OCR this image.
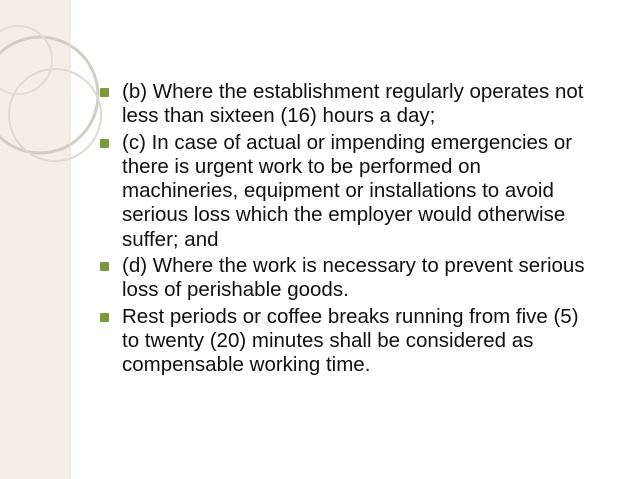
(b) Where the establishment regularly operates not less than sixteen (16) hours a day;
(c) In case of actual or impending emergencies or there is urgent work to be performed on machineries, equipment or installations to avoid serious loss which the employer would otherwise suffer; and
(d) Where the work is necessary to prevent serious loss of perishable goods.
Rest periods or coffee breaks running from five (5) to twenty (20) minutes shall be considered as compensable working time.
